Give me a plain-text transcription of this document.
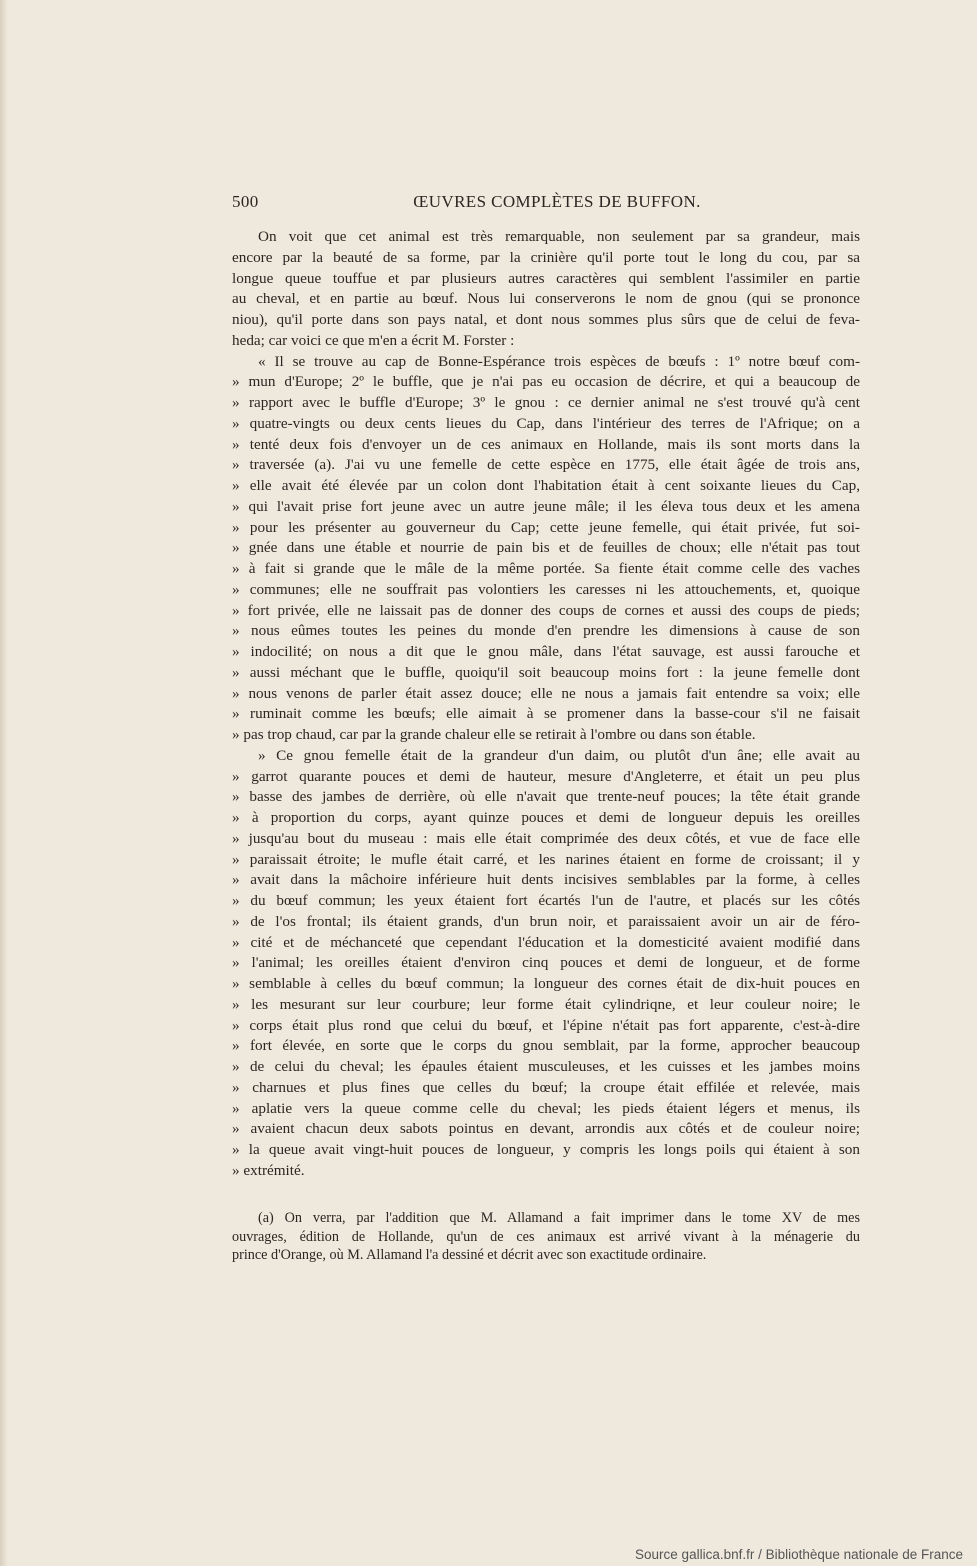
500	ŒUVRES COMPLÈTES DE BUFFON.
On voit que cet animal est très remarquable, non seulement par sa grandeur, mais
encore par la beauté de sa forme, par la crinière qu'il porte tout le long du cou, par sa
longue queue touffue et par plusieurs autres caractères qui semblent l'assimiler en partie
au cheval, et en partie au bœuf. Nous lui conserverons le nom de gnou (qui se prononce
niou), qu'il porte dans son pays natal, et dont nous sommes plus sûrs que de celui de feva-
heda; car voici ce que m'en a écrit M. Forster :
« Il se trouve au cap de Bonne-Espérance trois espèces de bœufs : 1º notre bœuf com-
» mun d'Europe; 2º le buffle, que je n'ai pas eu occasion de décrire, et qui a beaucoup de
» rapport avec le buffle d'Europe; 3º le gnou : ce dernier animal ne s'est trouvé qu'à cent
» quatre-vingts ou deux cents lieues du Cap, dans l'intérieur des terres de l'Afrique; on a
» tenté deux fois d'envoyer un de ces animaux en Hollande, mais ils sont morts dans la
» traversée (a). J'ai vu une femelle de cette espèce en 1775, elle était âgée de trois ans,
» elle avait été élevée par un colon dont l'habitation était à cent soixante lieues du Cap,
» qui l'avait prise fort jeune avec un autre jeune mâle; il les éleva tous deux et les amena
» pour les présenter au gouverneur du Cap; cette jeune femelle, qui était privée, fut soi-
» gnée dans une étable et nourrie de pain bis et de feuilles de choux; elle n'était pas tout
» à fait si grande que le mâle de la même portée. Sa fiente était comme celle des vaches
» communes; elle ne souffrait pas volontiers les caresses ni les attouchements, et, quoique
» fort privée, elle ne laissait pas de donner des coups de cornes et aussi des coups de pieds;
» nous eûmes toutes les peines du monde d'en prendre les dimensions à cause de son
» indocilité; on nous a dit que le gnou mâle, dans l'état sauvage, est aussi farouche et
» aussi méchant que le buffle, quoiqu'il soit beaucoup moins fort : la jeune femelle dont
» nous venons de parler était assez douce; elle ne nous a jamais fait entendre sa voix; elle
» ruminait comme les bœufs; elle aimait à se promener dans la basse-cour s'il ne faisait
» pas trop chaud, car par la grande chaleur elle se retirait à l'ombre ou dans son étable.
» Ce gnou femelle était de la grandeur d'un daim, ou plutôt d'un âne; elle avait au
» garrot quarante pouces et demi de hauteur, mesure d'Angleterre, et était un peu plus
» basse des jambes de derrière, où elle n'avait que trente-neuf pouces; la tête était grande
» à proportion du corps, ayant quinze pouces et demi de longueur depuis les oreilles
» jusqu'au bout du museau : mais elle était comprimée des deux côtés, et vue de face elle
» paraissait étroite; le mufle était carré, et les narines étaient en forme de croissant; il y
» avait dans la mâchoire inférieure huit dents incisives semblables par la forme, à celles
» du bœuf commun; les yeux étaient fort écartés l'un de l'autre, et placés sur les côtés
» de l'os frontal; ils étaient grands, d'un brun noir, et paraissaient avoir un air de féro-
» cité et de méchanceté que cependant l'éducation et la domesticité avaient modifié dans
» l'animal; les oreilles étaient d'environ cinq pouces et demi de longueur, et de forme
» semblable à celles du bœuf commun; la longueur des cornes était de dix-huit pouces en
» les mesurant sur leur courbure; leur forme était cylindriqne, et leur couleur noire; le
» corps était plus rond que celui du bœuf, et l'épine n'était pas fort apparente, c'est-à-dire
» fort élevée, en sorte que le corps du gnou semblait, par la forme, approcher beaucoup
» de celui du cheval; les épaules étaient musculeuses, et les cuisses et les jambes moins
» charnues et plus fines que celles du bœuf; la croupe était effilée et relevée, mais
» aplatie vers la queue comme celle du cheval; les pieds étaient légers et menus, ils
» avaient chacun deux sabots pointus en devant, arrondis aux côtés et de couleur noire;
» la queue avait vingt-huit pouces de longueur, y compris les longs poils qui étaient à son
» extrémité.
(a) On verra, par l'addition que M. Allamand a fait imprimer dans le tome XV de mes
ouvrages, édition de Hollande, qu'un de ces animaux est arrivé vivant à la ménagerie du
prince d'Orange, où M. Allamand l'a dessiné et décrit avec son exactitude ordinaire.
Source gallica.bnf.fr / Bibliothèque nationale de France
